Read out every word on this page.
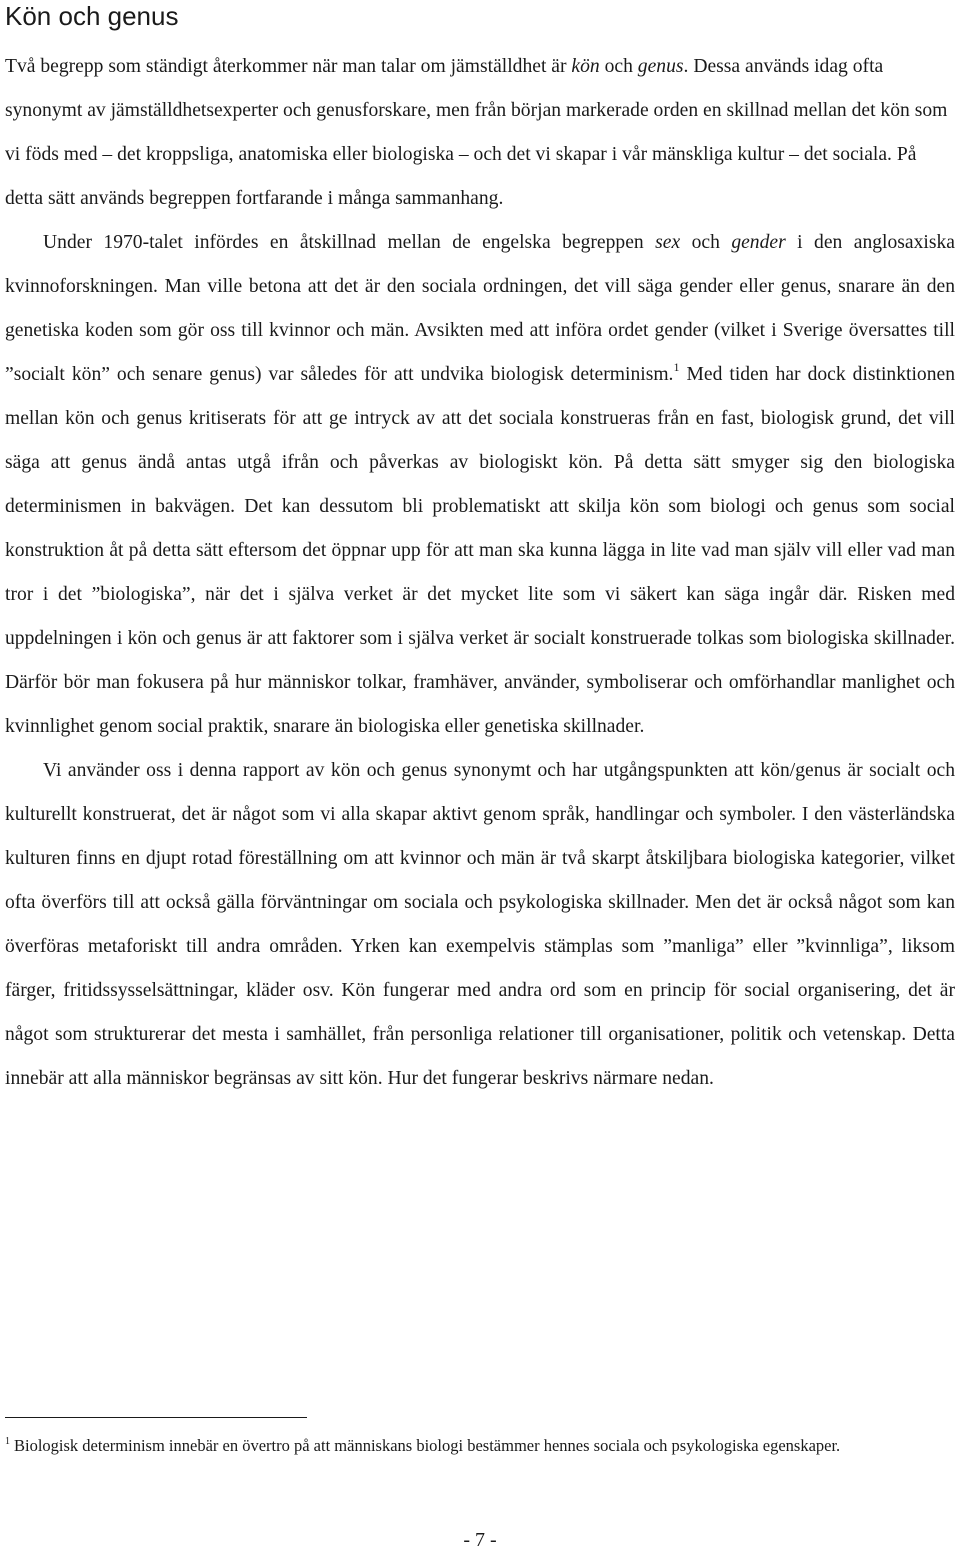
Kön och genus

Två begrepp som ständigt återkommer när man talar om jämställdhet är kön och genus. Dessa används idag ofta synonymt av jämställdhetsexperter och genusforskare, men från början markerade orden en skillnad mellan det kön som vi föds med – det kroppsliga, anatomiska eller biologiska – och det vi skapar i vår mänskliga kultur – det sociala. På detta sätt används begreppen fortfarande i många sammanhang.

Under 1970-talet infördes en åtskillnad mellan de engelska begreppen sex och gender i den anglosaxiska kvinnoforskningen. Man ville betona att det är den sociala ordningen, det vill säga gender eller genus, snarare än den genetiska koden som gör oss till kvinnor och män. Avsikten med att införa ordet gender (vilket i Sverige översattes till ”socialt kön” och senare genus) var således för att undvika biologisk determinism.$^1$ Med tiden har dock distinktionen mellan kön och genus kritiserats för att ge intryck av att det sociala konstrueras från en fast, biologisk grund, det vill säga att genus ändå antas utgå ifrån och påverkas av biologiskt kön. På detta sätt smyger sig den biologiska determinismen in bakvägen. Det kan dessutom bli problematiskt att skilja kön som biologi och genus som social konstruktion åt på detta sätt eftersom det öppnar upp för att man ska kunna lägga in lite vad man själv vill eller vad man tror i det ”biologiska”, när det i själva verket är det mycket lite som vi säkert kan säga ingår där. Risken med uppdelningen i kön och genus är att faktorer som i själva verket är socialt konstruerade tolkas som biologiska skillnader. Därför bör man fokusera på hur människor tolkar, framhäver, använder, symboliserar och omförhandlar manlighet och kvinnlighet genom social praktik, snarare än biologiska eller genetiska skillnader.

Vi använder oss i denna rapport av kön och genus synonymt och har utgångspunkten att kön/genus är socialt och kulturellt konstruerat, det är något som vi alla skapar aktivt genom språk, handlingar och symboler. I den västerländska kulturen finns en djupt rotad föreställning om att kvinnor och män är två skarpt åtskiljbara biologiska kategorier, vilket ofta överförs till att också gälla förväntningar om sociala och psykologiska skillnader. Men det är också något som kan överföras metaforiskt till andra områden. Yrken kan exempelvis stämplas som ”manliga” eller ”kvinnliga”, liksom färger, fritidssysselsättningar, kläder osv. Kön fungerar med andra ord som en princip för social organisering, det är något som strukturerar det mesta i samhället, från personliga relationer till organisationer, politik och vetenskap. Detta innebär att alla människor begränsas av sitt kön. Hur det fungerar beskrivs närmare nedan.

$^1$ Biologisk determinism innebär en övertro på att människans biologi bestämmer hennes sociala och psykologiska egenskaper.

- 7 -
